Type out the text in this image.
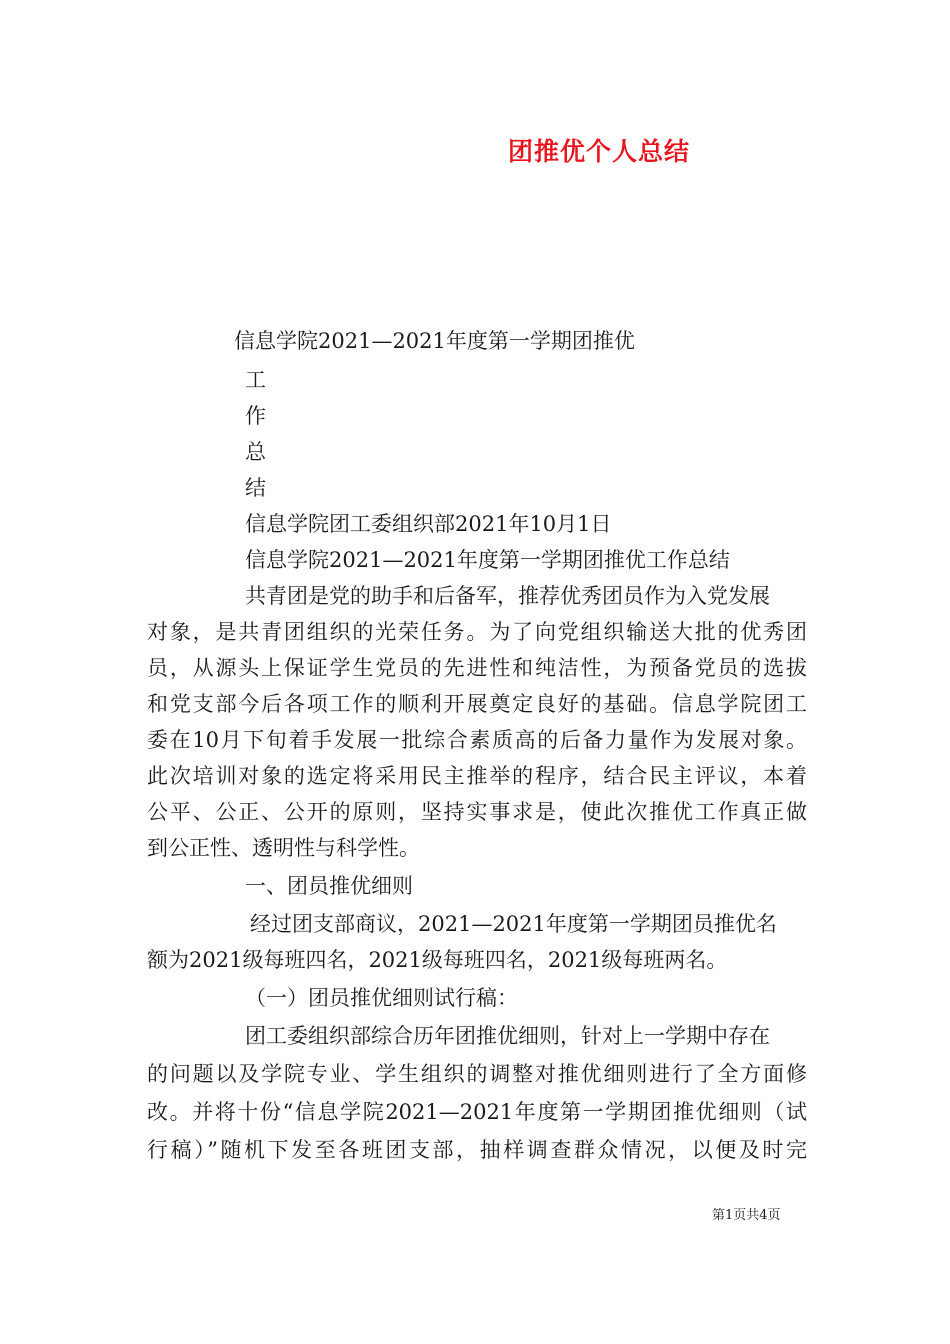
团推优个人总结
信息学院2021—2021年度第一学期团推优
工
作
总
结
信息学院团工委组织部2021年10月1日
信息学院2021—2021年度第一学期团推优工作总结
共青团是党的助手和后备军，推荐优秀团员作为入党发展
对象，是共青团组织的光荣任务。为了向党组织输送大批的优秀团
员，从源头上保证学生党员的先进性和纯洁性，为预备党员的选拔
和党支部今后各项工作的顺利开展奠定良好的基础。信息学院团工
委在10月下旬着手发展一批综合素质高的后备力量作为发展对象。
此次培训对象的选定将采用民主推举的程序，结合民主评议，本着
公平、公正、公开的原则，坚持实事求是，使此次推优工作真正做
到公正性、透明性与科学性。
一、团员推优细则
经过团支部商议，2021—2021年度第一学期团员推优名
额为2021级每班四名，2021级每班四名，2021级每班两名。
（一）团员推优细则试行稿：
团工委组织部综合历年团推优细则，针对上一学期中存在
的问题以及学院专业、学生组织的调整对推优细则进行了全方面修
改。并将十份“信息学院2021—2021年度第一学期团推优细则（试
行稿）”随机下发至各班团支部，抽样调查群众情况，以便及时完
第1页共4页
